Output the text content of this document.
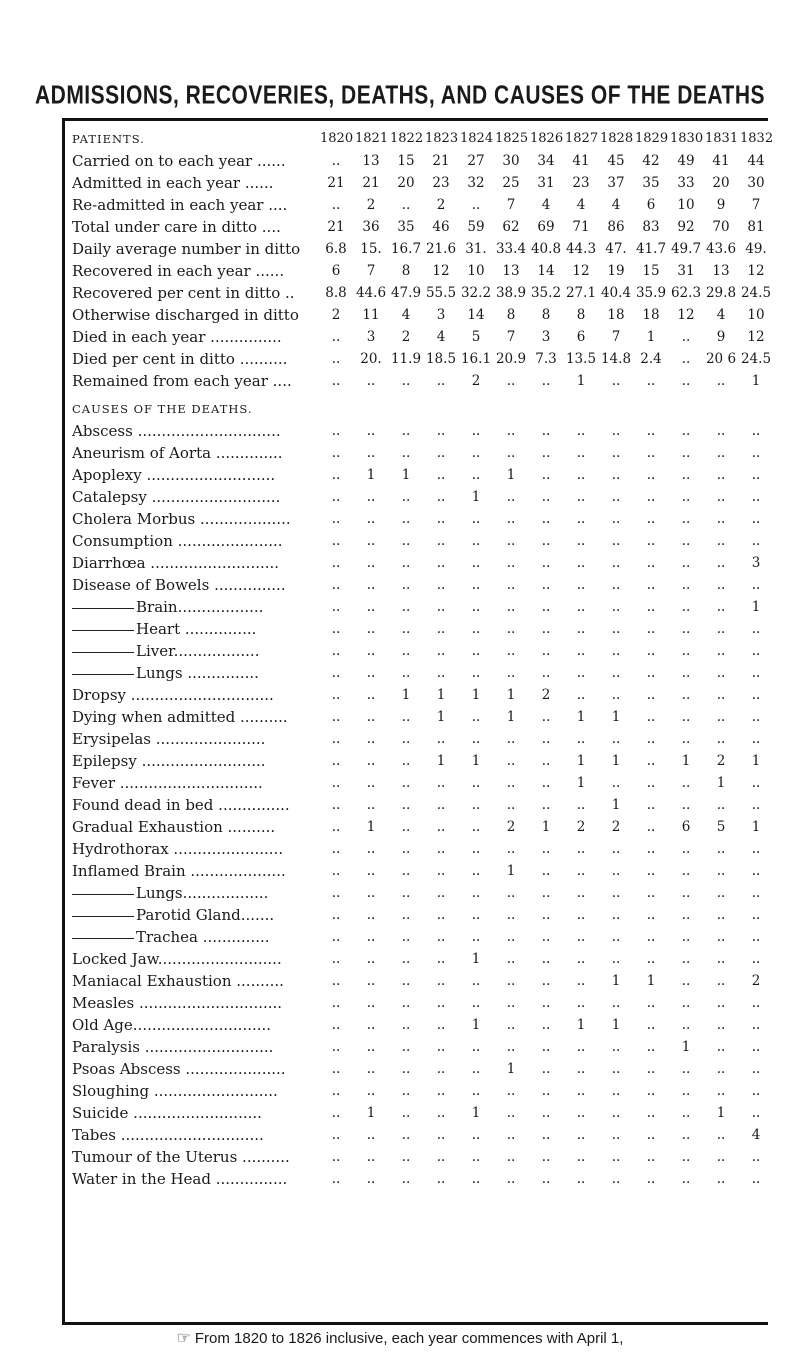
ADMISSIONS, RECOVERIES, DEATHS, AND CAUSES OF THE DEATHS
PATIENTS.	1820 1821 1822 1823 1824 1825 1826 1827 1828 1829 1830 1831 1832
Carried on to each year ......	..	13	15	21	27	30	34	41	45	42	49	41	44
Admitted in each year ......	21	21	20	23	32	25	31	23	37	35	33	20	30
Re-admitted in each year ....	..	2	..	2	..	7	4	4	4	6	10	9	7
Total under care in ditto ....	21	36	35	46	59	62	69	71	86	83	92	70	81
Daily average number in ditto	6.8	15. 16.7 21.6 31. 33.4 40.8 44.3 47. 41.7 49.7 43.6 49.
Recovered in each year ......	6	7	8	12	10	13	14	12	19	15	31	13	12
Recovered per cent in ditto ..	8.8 44.6 47.9 55.5 32.2 38.9 35.2 27.1 40.4 35.9 62.3 29.8 24.5
Otherwise discharged in ditto	2	11	4	3	14	8	8	8	18	18	12	4	10
Died in each year ...............	..	3	2	4	5	7	3	6	7	1	..	9	12
Died per cent in ditto ..........	..	20. 11.9 18.5 16.1 20.9 7.3 13.5 14.8 2.4	..	20 6 24.5
Remained from each year ....	..	..	..	..	2	..	..	1	..	..	..	..	1
CAUSES OF THE DEATHS.
Abscess ..............................	..	..	..	..	..	..	..	..	..	..	..	..	..
Aneurism of Aorta ..............	..	..	..	..	..	..	..	..	..	..	..	..	..
Apoplexy ...........................	..	1	1	..	..	1	..	..	..	..	..	..	..
Catalepsy ...........................	..	..	..	..	1	..	..	..	..	..	..	..	..
Cholera Morbus ...................	..	..	..	..	..	..	..	..	..	..	..	..	..
Consumption ......................	..	..	..	..	..	..	..	..	..	..	..	..	..
Diarrhœa ...........................	..	..	..	..	..	..	..	..	..	..	..	..	3
Disease of Bowels ...............	..	..	..	..	..	..	..	..	..	..	..	..	..
Brain..................	..	..	..	..	..	..	..	..	..	..	..	..	1
Heart ...............	..	..	..	..	..	..	..	..	..	..	..	..	..
Liver..................	..	..	..	..	..	..	..	..	..	..	..	..	..
Lungs ...............	..	..	..	..	..	..	..	..	..	..	..	..	..
Dropsy ..............................	..	..	1	1	1	1	2	..	..	..	..	..	..
Dying when admitted ..........	..	..	..	1	..	1	..	1	1	..	..	..	..
Erysipelas .......................	..	..	..	..	..	..	..	..	..	..	..	..	..
Epilepsy ..........................	..	..	..	1	1	..	..	1	1	..	1	2	1
Fever ..............................	..	..	..	..	..	..	..	1	..	..	..	1	..
Found dead in bed ...............	..	..	..	..	..	..	..	..	1	..	..	..	..
Gradual Exhaustion ..........	..	1	..	..	..	2	1	2	2	..	6	5	1
Hydrothorax .......................	..	..	..	..	..	..	..	..	..	..	..	..	..
Inflamed Brain ....................	..	..	..	..	..	1	..	..	..	..	..	..	..
Lungs..................	..	..	..	..	..	..	..	..	..	..	..	..	..
Parotid Gland.......	..	..	..	..	..	..	..	..	..	..	..	..	..
Trachea ..............	..	..	..	..	..	..	..	..	..	..	..	..	..
Locked Jaw..........................	..	..	..	..	1	..	..	..	..	..	..	..	..
Maniacal Exhaustion ..........	..	..	..	..	..	..	..	..	1	1	..	..	2
Measles ..............................	..	..	..	..	..	..	..	..	..	..	..	..	..
Old Age.............................	..	..	..	..	1	..	..	1	1	..	..	..	..
Paralysis ...........................	..	..	..	..	..	..	..	..	..	..	1	..	..
Psoas Abscess .....................	..	..	..	..	..	1	..	..	..	..	..	..	..
Sloughing ..........................	..	..	..	..	..	..	..	..	..	..	..	..	..
Suicide ...........................	..	1	..	..	1	..	..	..	..	..	..	1	..
Tabes ..............................	..	..	..	..	..	..	..	..	..	..	..	..	4
Tumour of the Uterus ..........	..	..	..	..	..	..	..	..	..	..	..	..	..
Water in the Head ...............	..	..	..	..	..	..	..	..	..	..	..	..	..
☞ From 1820 to 1826 inclusive, each year commences with April 1,
